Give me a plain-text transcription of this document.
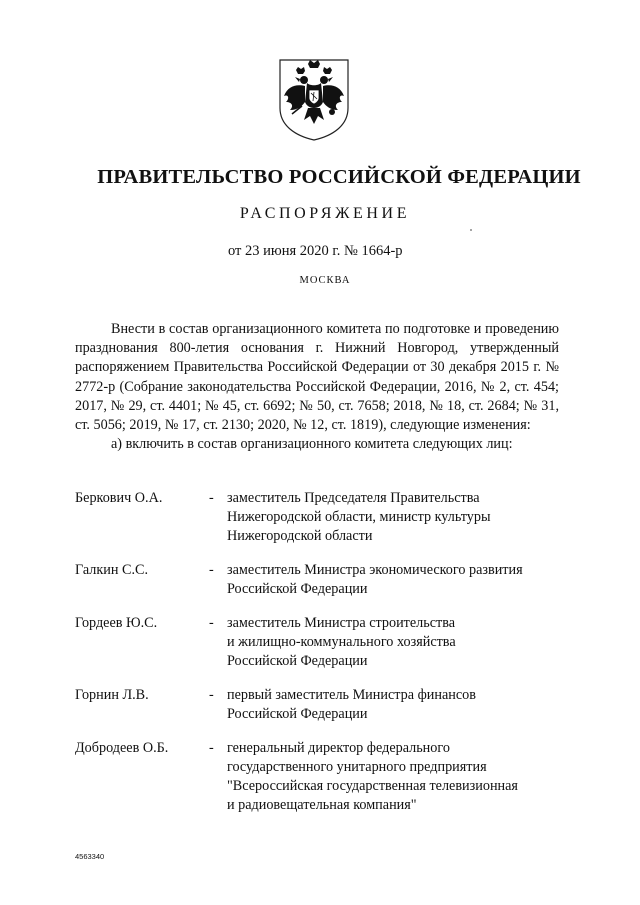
ПРАВИТЕЛЬСТВО РОССИЙСКОЙ ФЕДЕРАЦИИ
РАСПОРЯЖЕНИЕ
от 23 июня 2020 г. № 1664-р
МОСКВА

Внести в состав организационного комитета по подготовке и проведению празднования 800-летия основания г. Нижний Новгород, утвержденный распоряжением Правительства Российской Федерации от 30 декабря 2015 г. № 2772-р (Собрание законодательства Российской Федерации, 2016, № 2, ст. 454; 2017, № 29, ст. 4401; № 45, ст. 6692; № 50, ст. 7658; 2018, № 18, ст. 2684; № 31, ст. 5056; 2019, № 17, ст. 2130; 2020, № 12, ст. 1819), следующие изменения:

а) включить в состав организационного комитета следующих лиц:

Беркович О.А.	- заместитель Председателя Правительства
Нижегородской области, министр культуры
Нижегородской области
Галкин С.С.	- заместитель Министра экономического развития
Российской Федерации
Гордеев Ю.С.	- заместитель Министра строительства
и жилищно-коммунального хозяйства
Российской Федерации
Горнин Л.В.	- первый заместитель Министра финансов
Российской Федерации
Добродеев О.Б.	- генеральный директор федерального
государственного унитарного предприятия
"Всероссийская государственная телевизионная
и радиовещательная компания"
4563340
